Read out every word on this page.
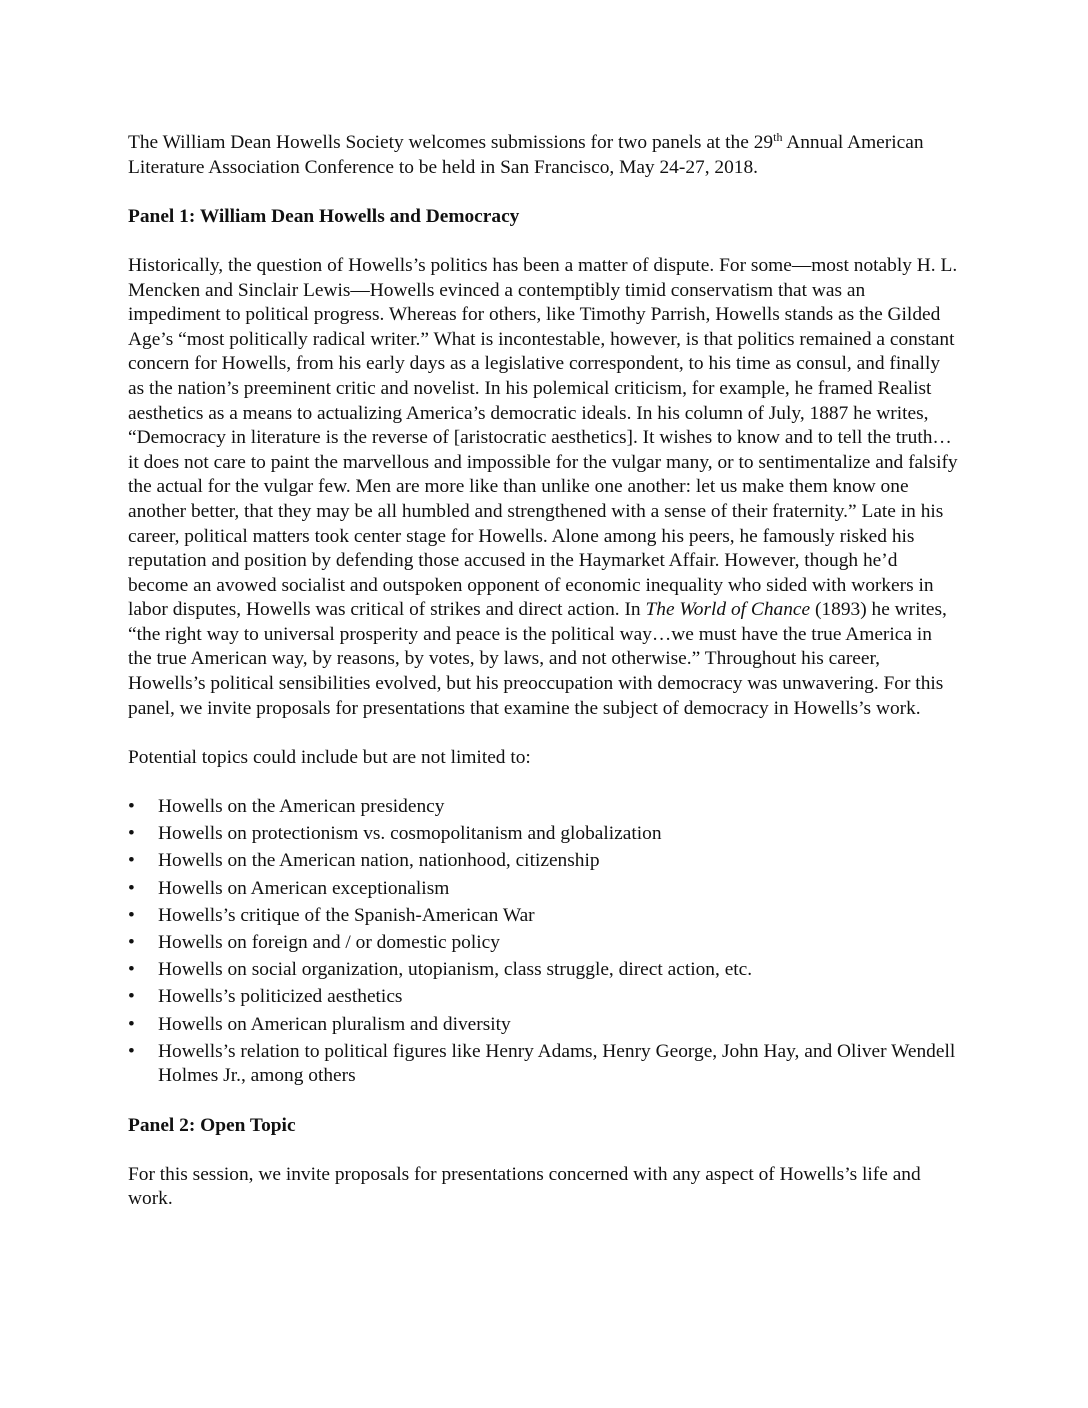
The William Dean Howells Society welcomes submissions for two panels at the 29th Annual American Literature Association Conference to be held in San Francisco, May 24-27, 2018.

Panel 1: William Dean Howells and Democracy

Historically, the question of Howells’s politics has been a matter of dispute. For some—most notably H. L. Mencken and Sinclair Lewis—Howells evinced a contemptibly timid conservatism that was an impediment to political progress. Whereas for others, like Timothy Parrish, Howells stands as the Gilded Age’s “most politically radical writer.” What is incontestable, however, is that politics remained a constant concern for Howells, from his early days as a legislative correspondent, to his time as consul, and finally as the nation’s preeminent critic and novelist. In his polemical criticism, for example, he framed Realist aesthetics as a means to actualizing America’s democratic ideals. In his column of July, 1887 he writes, “Democracy in literature is the reverse of [aristocratic aesthetics]. It wishes to know and to tell the truth…it does not care to paint the marvellous and impossible for the vulgar many, or to sentimentalize and falsify the actual for the vulgar few. Men are more like than unlike one another: let us make them know one another better, that they may be all humbled and strengthened with a sense of their fraternity.” Late in his career, political matters took center stage for Howells. Alone among his peers, he famously risked his reputation and position by defending those accused in the Haymarket Affair. However, though he’d become an avowed socialist and outspoken opponent of economic inequality who sided with workers in labor disputes, Howells was critical of strikes and direct action. In The World of Chance (1893) he writes, “the right way to universal prosperity and peace is the political way…we must have the true America in the true American way, by reasons, by votes, by laws, and not otherwise.” Throughout his career, Howells’s political sensibilities evolved, but his preoccupation with democracy was unwavering. For this panel, we invite proposals for presentations that examine the subject of democracy in Howells’s work.

Potential topics could include but are not limited to:

• Howells on the American presidency
• Howells on protectionism vs. cosmopolitanism and globalization
• Howells on the American nation, nationhood, citizenship
• Howells on American exceptionalism
• Howells’s critique of the Spanish-American War
• Howells on foreign and / or domestic policy
• Howells on social organization, utopianism, class struggle, direct action, etc.
• Howells’s politicized aesthetics
• Howells on American pluralism and diversity
• Howells’s relation to political figures like Henry Adams, Henry George, John Hay, and Oliver Wendell Holmes Jr., among others

Panel 2: Open Topic

For this session, we invite proposals for presentations concerned with any aspect of Howells’s life and work.
